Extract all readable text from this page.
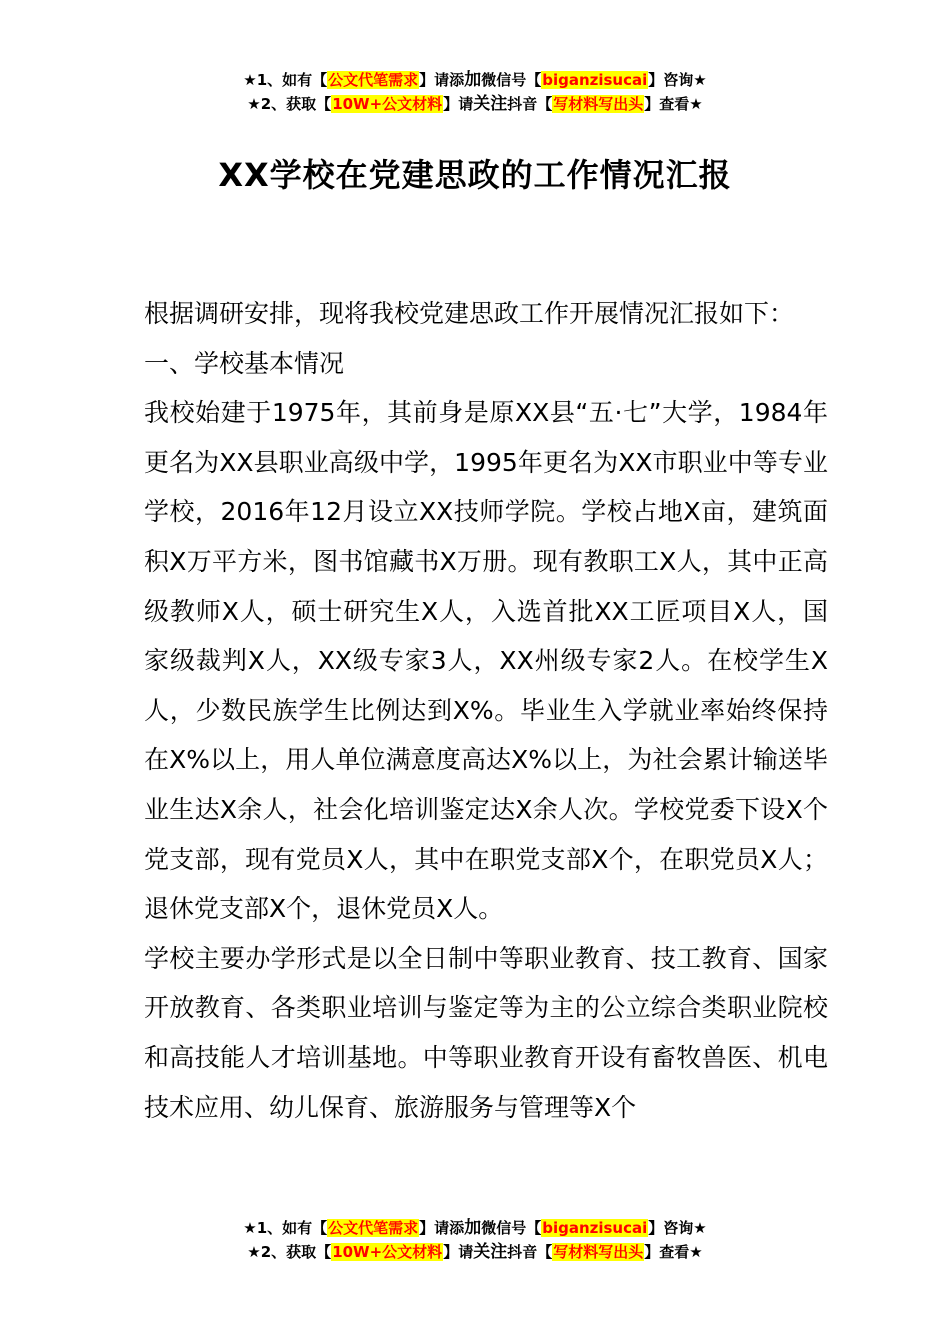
★1、如有【公文代笔需求】请添加微信号【biganzisucai】咨询★
★2、获取【10W+公文材料】请关注抖音【写材料写出头】查看★
XX学校在党建思政的工作情况汇报

根据调研安排，现将我校党建思政工作开展情况汇报如下：

一、学校基本情况

我校始建于1975年，其前身是原XX县“五·七”大学，1984年更名为XX县职业高级中学，1995年更名为XX市职业中等专业学校，2016年12月设立XX技师学院。学校占地X亩，建筑面积X万平方米，图书馆藏书X万册。现有教职工X人，其中正高级教师X人，硕士研究生X人，入选首批XX工匠项目X人，国家级裁判X人，XX级专家3人，XX州级专家2人。在校学生X人，少数民族学生比例达到X%。毕业生入学就业率始终保持在X%以上，用人单位满意度高达X%以上，为社会累计输送毕业生达X余人，社会化培训鉴定达X余人次。学校党委下设X个党支部，现有党员X人，其中在职党支部X个，在职党员X人；退休党支部X个，退休党员X人。

学校主要办学形式是以全日制中等职业教育、技工教育、国家开放教育、各类职业培训与鉴定等为主的公立综合类职业院校和高技能人才培训基地。中等职业教育开设有畜牧兽医、机电技术应用、幼儿保育、旅游服务与管理等X个

★1、如有【公文代笔需求】请添加微信号【biganzisucai】咨询★
★2、获取【10W+公文材料】请关注抖音【写材料写出头】查看★
